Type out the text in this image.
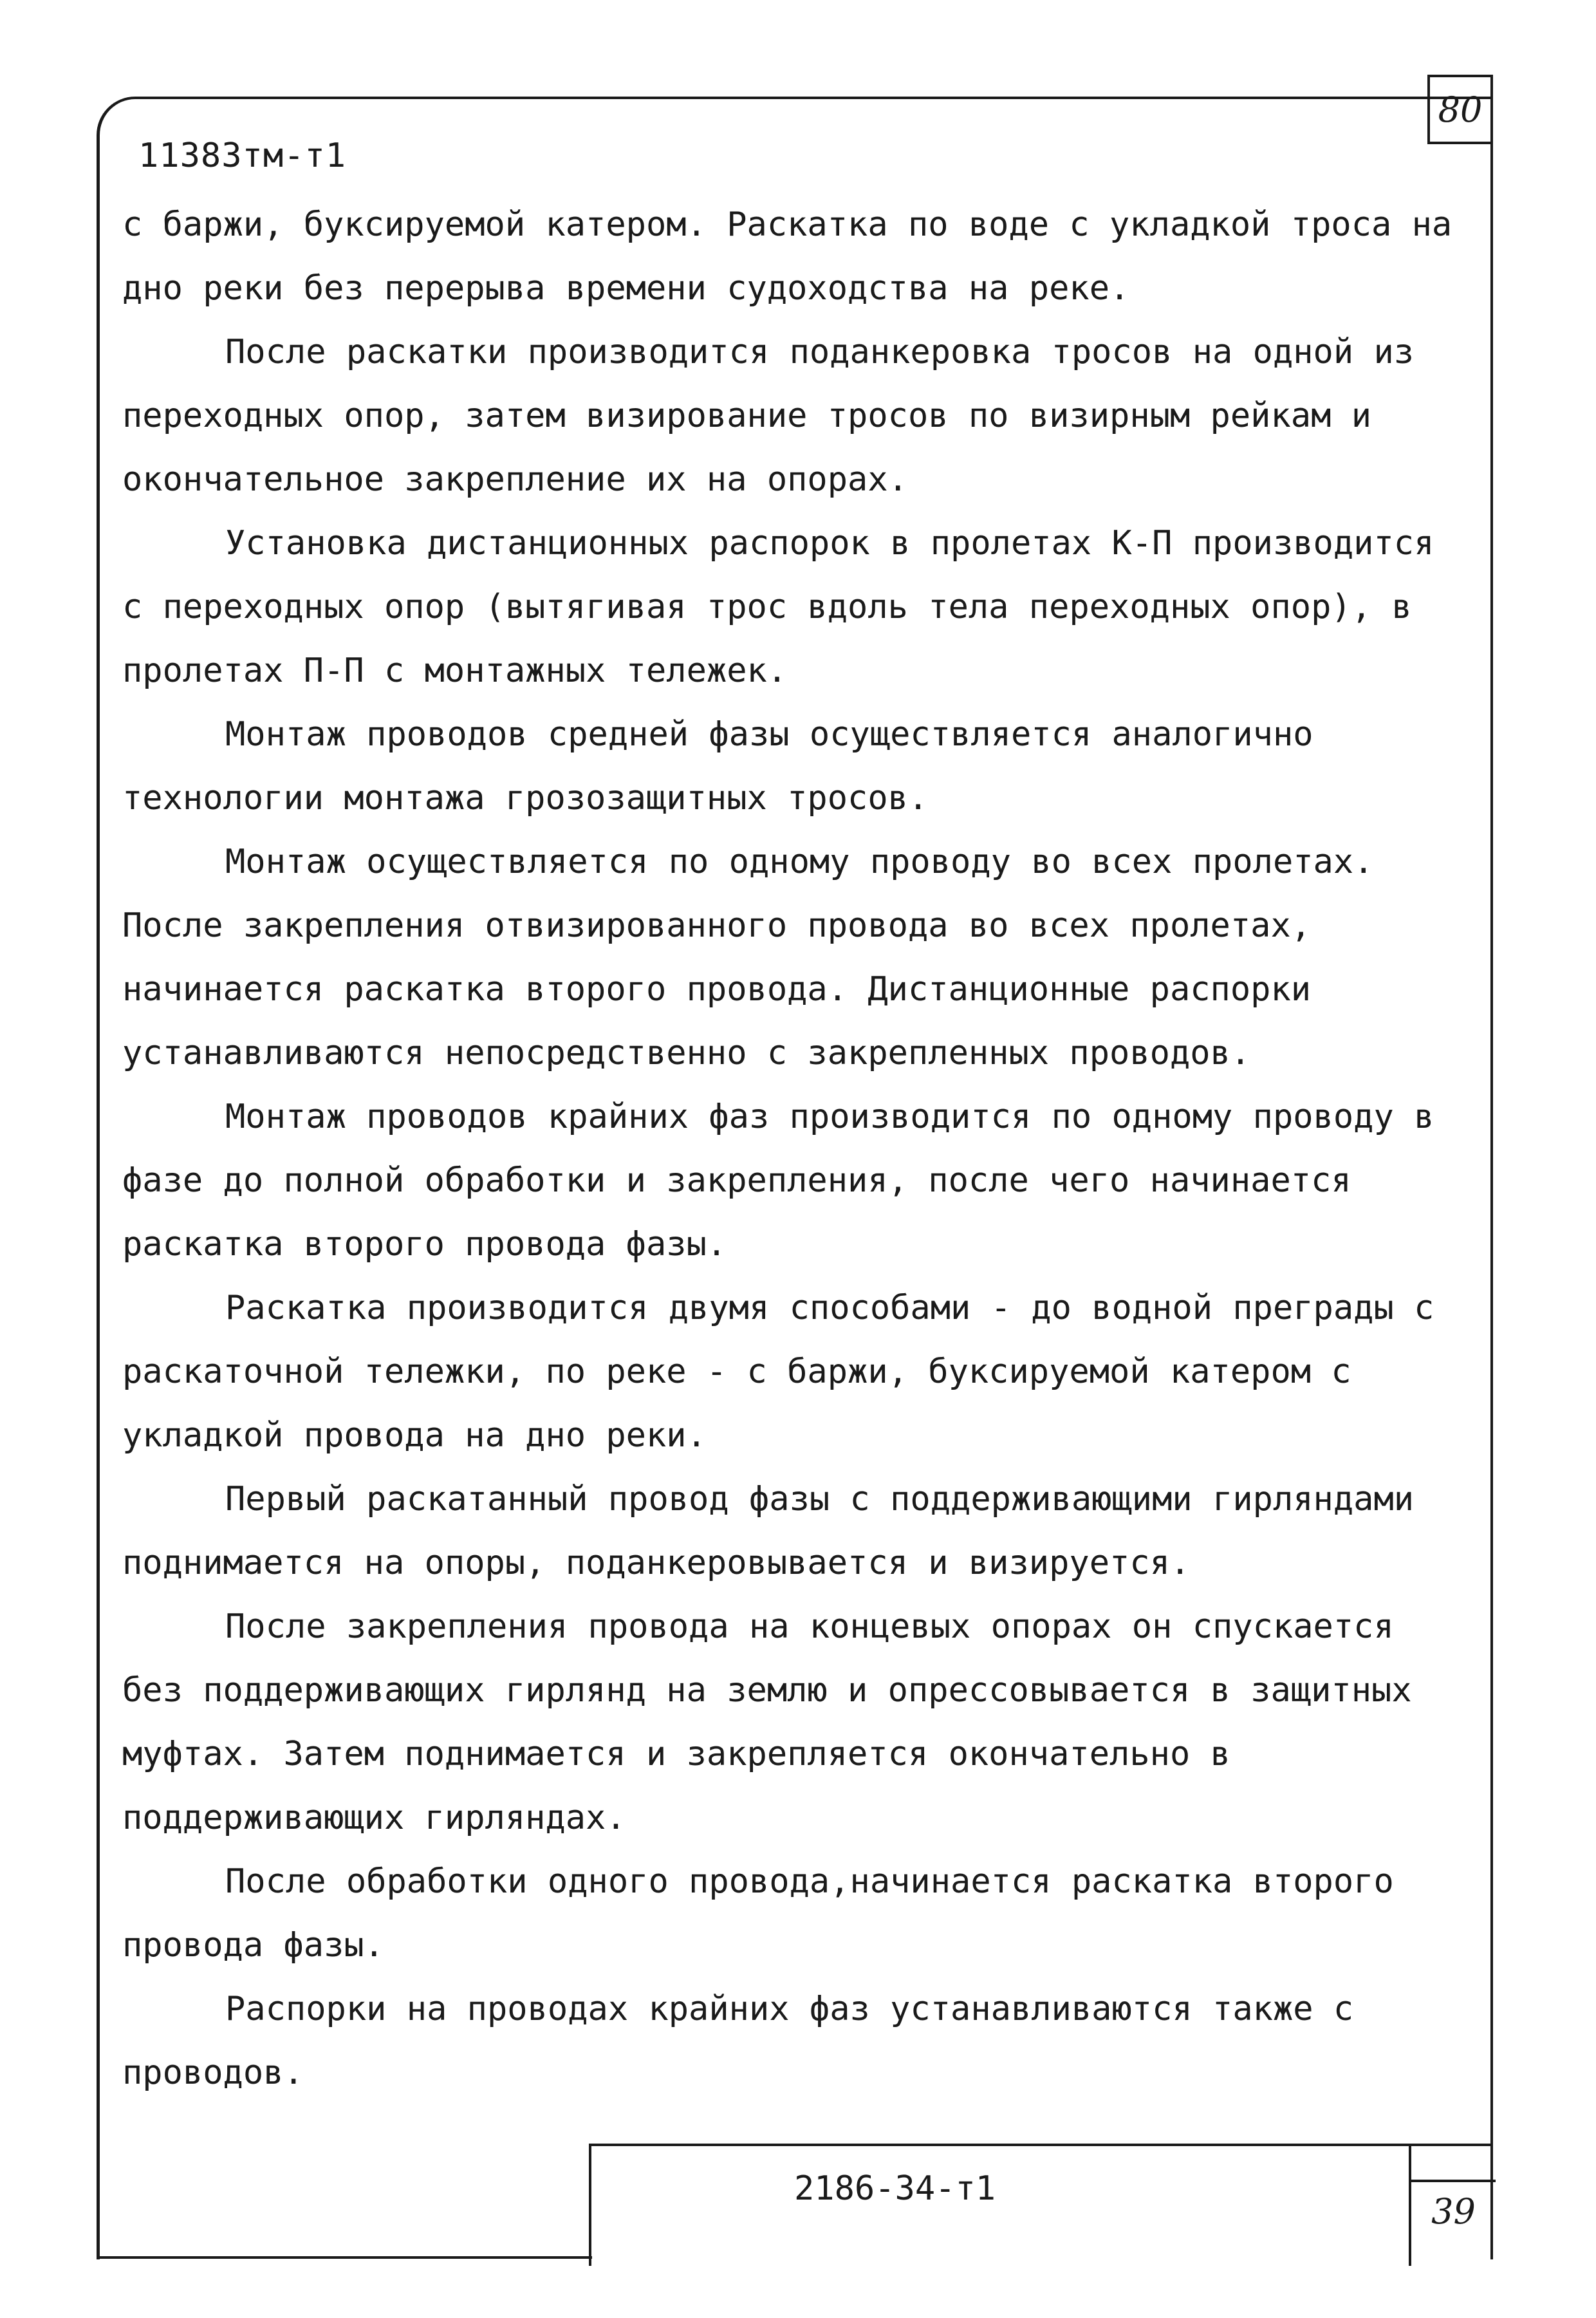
80
11383тм-т1

с баржи, буксируемой катером. Раскатка по воде с укладкой троса на дно реки без перерыва времени судоходства на реке.

После раскатки производится поданкеровка тросов на одной из переходных опор, затем визирование тросов по визирным рейкам и окончательное закрепление их на опорах.

Установка дистанционных распорок в пролетах К-П производится с переходных опор (вытягивая трос вдоль тела переходных опор), в пролетах П-П с монтажных тележек.

Монтаж проводов средней фазы осуществляется аналогично технологии монтажа грозозащитных тросов.

Монтаж осуществляется по одному проводу во всех пролетах. После закрепления отвизированного провода во всех пролетах, начинается раскатка второго провода. Дистанционные распорки устанавливаются непосредственно с закрепленных проводов.

Монтаж проводов крайних фаз производится по одному проводу в фазе до полной обработки и закрепления, после чего начинается раскатка второго провода фазы.

Раскатка производится двумя способами - до водной преграды с раскаточной тележки, по реке - с баржи, буксируемой катером с укладкой провода на дно реки.

Первый раскатанный провод фазы с поддерживающими гирляндами поднимается на опоры, поданкеровывается и визируется.

После закрепления провода на концевых опорах он спускается без поддерживающих гирлянд на землю и опрессовывается в защитных муфтах. Затем поднимается и закрепляется окончательно в поддерживающих гирляндах.

После обработки одного провода,начинается раскатка второго провода фазы.

Распорки на проводах крайних фаз устанавливаются также с проводов.

2186-34-т1
39
